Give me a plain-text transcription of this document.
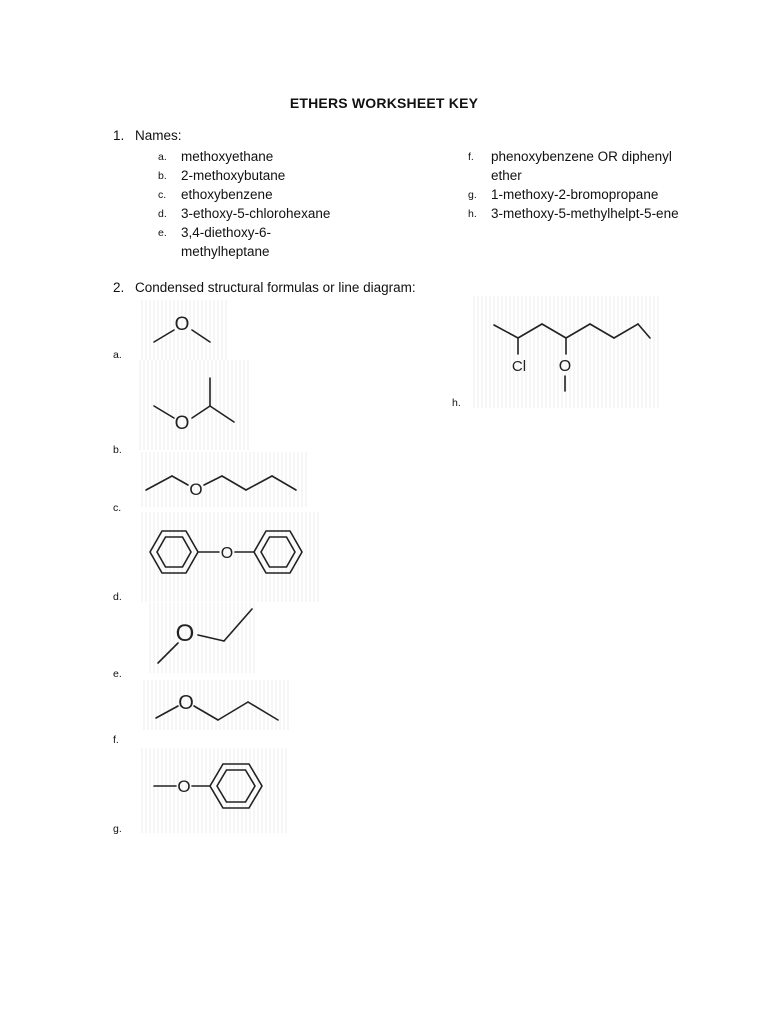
ETHERS WORKSHEET KEY
1. Names:
a. methoxyethane
b. 2-methoxybutane
c. ethoxybenzene
d. 3-ethoxy-5-chlorohexane
e. 3,4-diethoxy-6-
methylheptane
f. phenoxybenzene OR diphenyl
ether
g. 1-methoxy-2-bromopropane
h. 3-methoxy-5-methylhelpt-5-ene
2. Condensed structural formulas or line diagram:
a.
b.
c.
d.
e.
f.
g.
h.
O
O
O
O
O
O
O
Cl O
